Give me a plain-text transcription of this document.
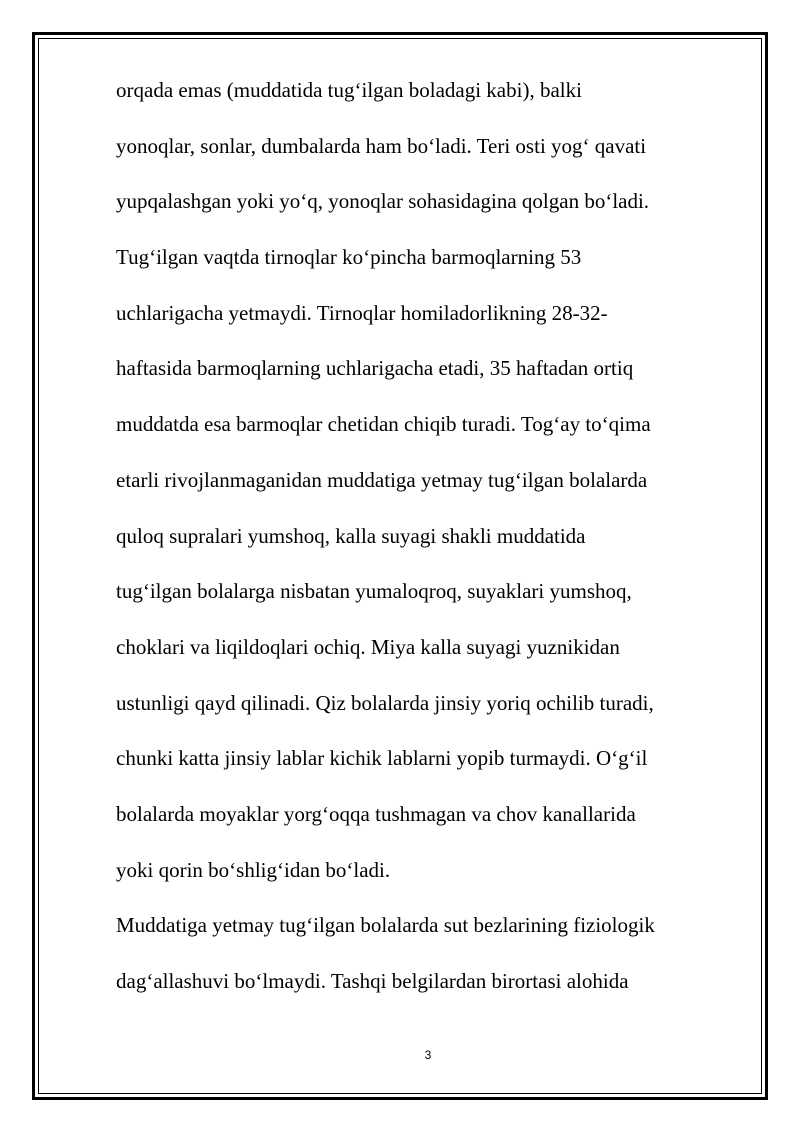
orqada emas (muddatida tug‘ilgan boladagi kabi), balki
yonoqlar, sonlar, dumbalarda ham bo‘ladi. Teri osti yog‘ qavati
yupqalashgan yoki yo‘q, yonoqlar sohasidagina qolgan bo‘ladi.
Tug‘ilgan vaqtda tirnoqlar ko‘pincha barmoqlarning 53
uchlarigacha yetmaydi. Tirnoqlar homiladorlikning 28-32-
haftasida barmoqlarning uchlarigacha etadi, 35 haftadan ortiq
muddatda esa barmoqlar chetidan chiqib turadi. Tog‘ay to‘qima
etarli rivojlanmaganidan muddatiga yetmay tug‘ilgan bolalarda
quloq supralari yumshoq, kalla suyagi shakli muddatida
tug‘ilgan bolalarga nisbatan yumaloqroq, suyaklari yumshoq,
choklari va liqildoqlari ochiq. Miya kalla suyagi yuznikidan
ustunligi qayd qilinadi. Qiz bolalarda jinsiy yoriq ochilib turadi,
chunki katta jinsiy lablar kichik lablarni yopib turmaydi. O‘g‘il
bolalarda moyaklar yorg‘oqqa tushmagan va chov kanallarida
yoki qorin bo‘shlig‘idan bo‘ladi.

Muddatiga yetmay tug‘ilgan bolalarda sut bezlarining fiziologik
dag‘allashuvi bo‘lmaydi. Tashqi belgilardan birortasi alohida

3
